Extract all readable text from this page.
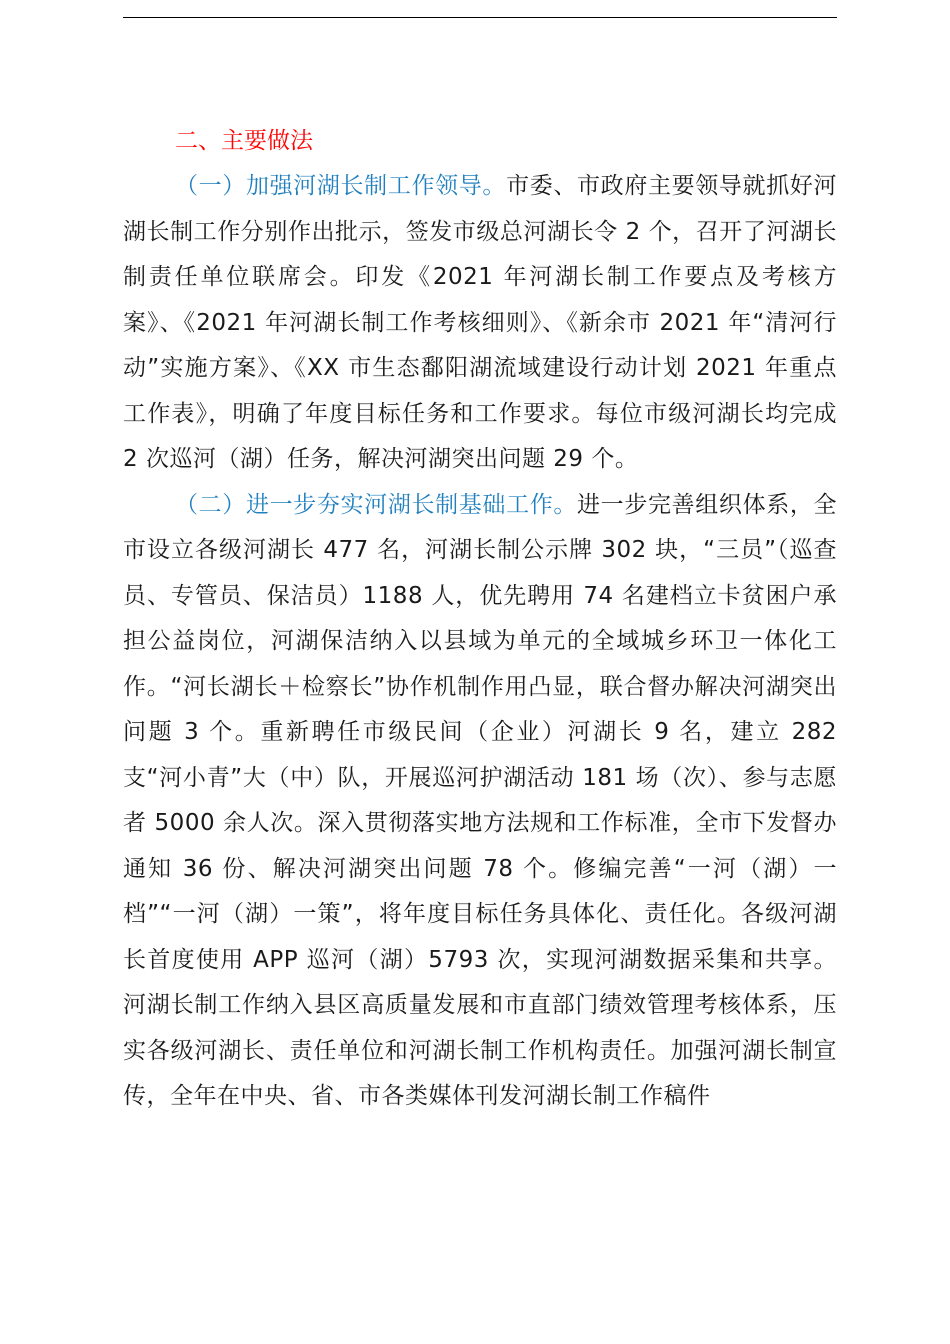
二、主要做法

（一）加强河湖长制工作领导。市委、市政府主要领导就抓好河湖长制工作分别作出批示，签发市级总河湖长令 2 个，召开了河湖长制责任单位联席会。印发《2021 年河湖长制工作要点及考核方案》、《2021 年河湖长制工作考核细则》、《新余市 2021 年“清河行动”实施方案》、《XX 市生态鄱阳湖流域建设行动计划 2021 年重点工作表》，明确了年度目标任务和工作要求。每位市级河湖长均完成 2 次巡河（湖）任务，解决河湖突出问题 29 个。

（二）进一步夯实河湖长制基础工作。进一步完善组织体系，全市设立各级河湖长 477 名，河湖长制公示牌 302 块，“三员”（巡查员、专管员、保洁员）1188 人，优先聘用 74 名建档立卡贫困户承担公益岗位，河湖保洁纳入以县域为单元的全域城乡环卫一体化工作。“河长湖长＋检察长”协作机制作用凸显，联合督办解决河湖突出问题 3 个。重新聘任市级民间（企业）河湖长 9 名，建立 282 支“河小青”大（中）队，开展巡河护湖活动 181 场（次）、参与志愿者 5000 余人次。深入贯彻落实地方法规和工作标准，全市下发督办通知 36 份、解决河湖突出问题 78 个。修编完善“一河（湖）一档”“一河（湖）一策”，将年度目标任务具体化、责任化。各级河湖长首度使用 APP 巡河（湖）5793 次，实现河湖数据采集和共享。河湖长制工作纳入县区高质量发展和市直部门绩效管理考核体系，压实各级河湖长、责任单位和河湖长制工作机构责任。加强河湖长制宣传，全年在中央、省、市各类媒体刊发河湖长制工作稿件
